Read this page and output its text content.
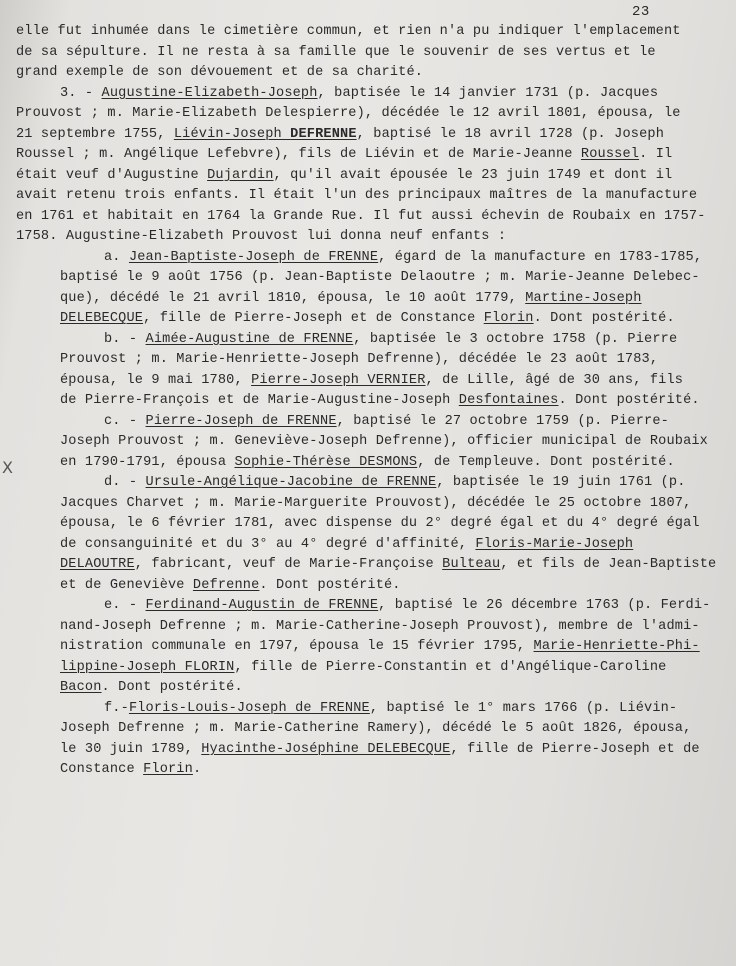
23
X
elle fut inhumée dans le cimetière commun, et rien n'a pu indiquer l'emplacement
de sa sépulture. Il ne resta à sa famille que le souvenir de ses vertus et le
grand exemple de son dévouement et de sa charité.
3. - Augustine-Elizabeth-Joseph, baptisée le 14 janvier 1731 (p. Jacques
Prouvost ; m. Marie-Elizabeth Delespierre), décédée le 12 avril 1801, épousa, le
21 septembre 1755, Liévin-Joseph DEFRENNE, baptisé le 18 avril 1728 (p. Joseph
Roussel ; m. Angélique Lefebvre), fils de Liévin et de Marie-Jeanne Roussel. Il
était veuf d'Augustine Dujardin, qu'il avait épousée le 23 juin 1749 et dont il
avait retenu trois enfants. Il était l'un des principaux maîtres de la manufacture
en 1761 et habitait en 1764 la Grande Rue. Il fut aussi échevin de Roubaix en 1757-
1758. Augustine-Elizabeth Prouvost lui donna neuf enfants :
a. Jean-Baptiste-Joseph de FRENNE, égard de la manufacture en 1783-1785,
baptisé le 9 août 1756 (p. Jean-Baptiste Delaoutre ; m. Marie-Jeanne Delebec-
que), décédé le 21 avril 1810, épousa, le 10 août 1779, Martine-Joseph
DELEBECQUE, fille de Pierre-Joseph et de Constance Florin. Dont postérité.
b. - Aimée-Augustine de FRENNE, baptisée le 3 octobre 1758 (p. Pierre
Prouvost ; m. Marie-Henriette-Joseph Defrenne), décédée le 23 août 1783,
épousa, le 9 mai 1780, Pierre-Joseph VERNIER, de Lille, âgé de 30 ans, fils
de Pierre-François et de Marie-Augustine-Joseph Desfontaines. Dont postérité.
c. - Pierre-Joseph de FRENNE, baptisé le 27 octobre 1759 (p. Pierre-
Joseph Prouvost ; m. Geneviève-Joseph Defrenne), officier municipal de Roubaix
en 1790-1791, épousa Sophie-Thérèse DESMONS, de Templeuve. Dont postérité.
d. - Ursule-Angélique-Jacobine de FRENNE, baptisée le 19 juin 1761 (p.
Jacques Charvet ; m. Marie-Marguerite Prouvost), décédée le 25 octobre 1807,
épousa, le 6 février 1781, avec dispense du 2° degré égal et du 4° degré égal
de consanguinité et du 3° au 4° degré d'affinité, Floris-Marie-Joseph
DELAOUTRE, fabricant, veuf de Marie-Françoise Bulteau, et fils de Jean-Baptiste
et de Geneviève Defrenne. Dont postérité.
e. - Ferdinand-Augustin de FRENNE, baptisé le 26 décembre 1763 (p. Ferdi-
nand-Joseph Defrenne ; m. Marie-Catherine-Joseph Prouvost), membre de l'admi-
nistration communale en 1797, épousa le 15 février 1795, Marie-Henriette-Phi-
lippine-Joseph FLORIN, fille de Pierre-Constantin et d'Angélique-Caroline
Bacon. Dont postérité.
f.-Floris-Louis-Joseph de FRENNE, baptisé le 1° mars 1766 (p. Liévin-
Joseph Defrenne ; m. Marie-Catherine Ramery), décédé le 5 août 1826, épousa,
le 30 juin 1789, Hyacinthe-Joséphine DELEBECQUE, fille de Pierre-Joseph et de
Constance Florin.
